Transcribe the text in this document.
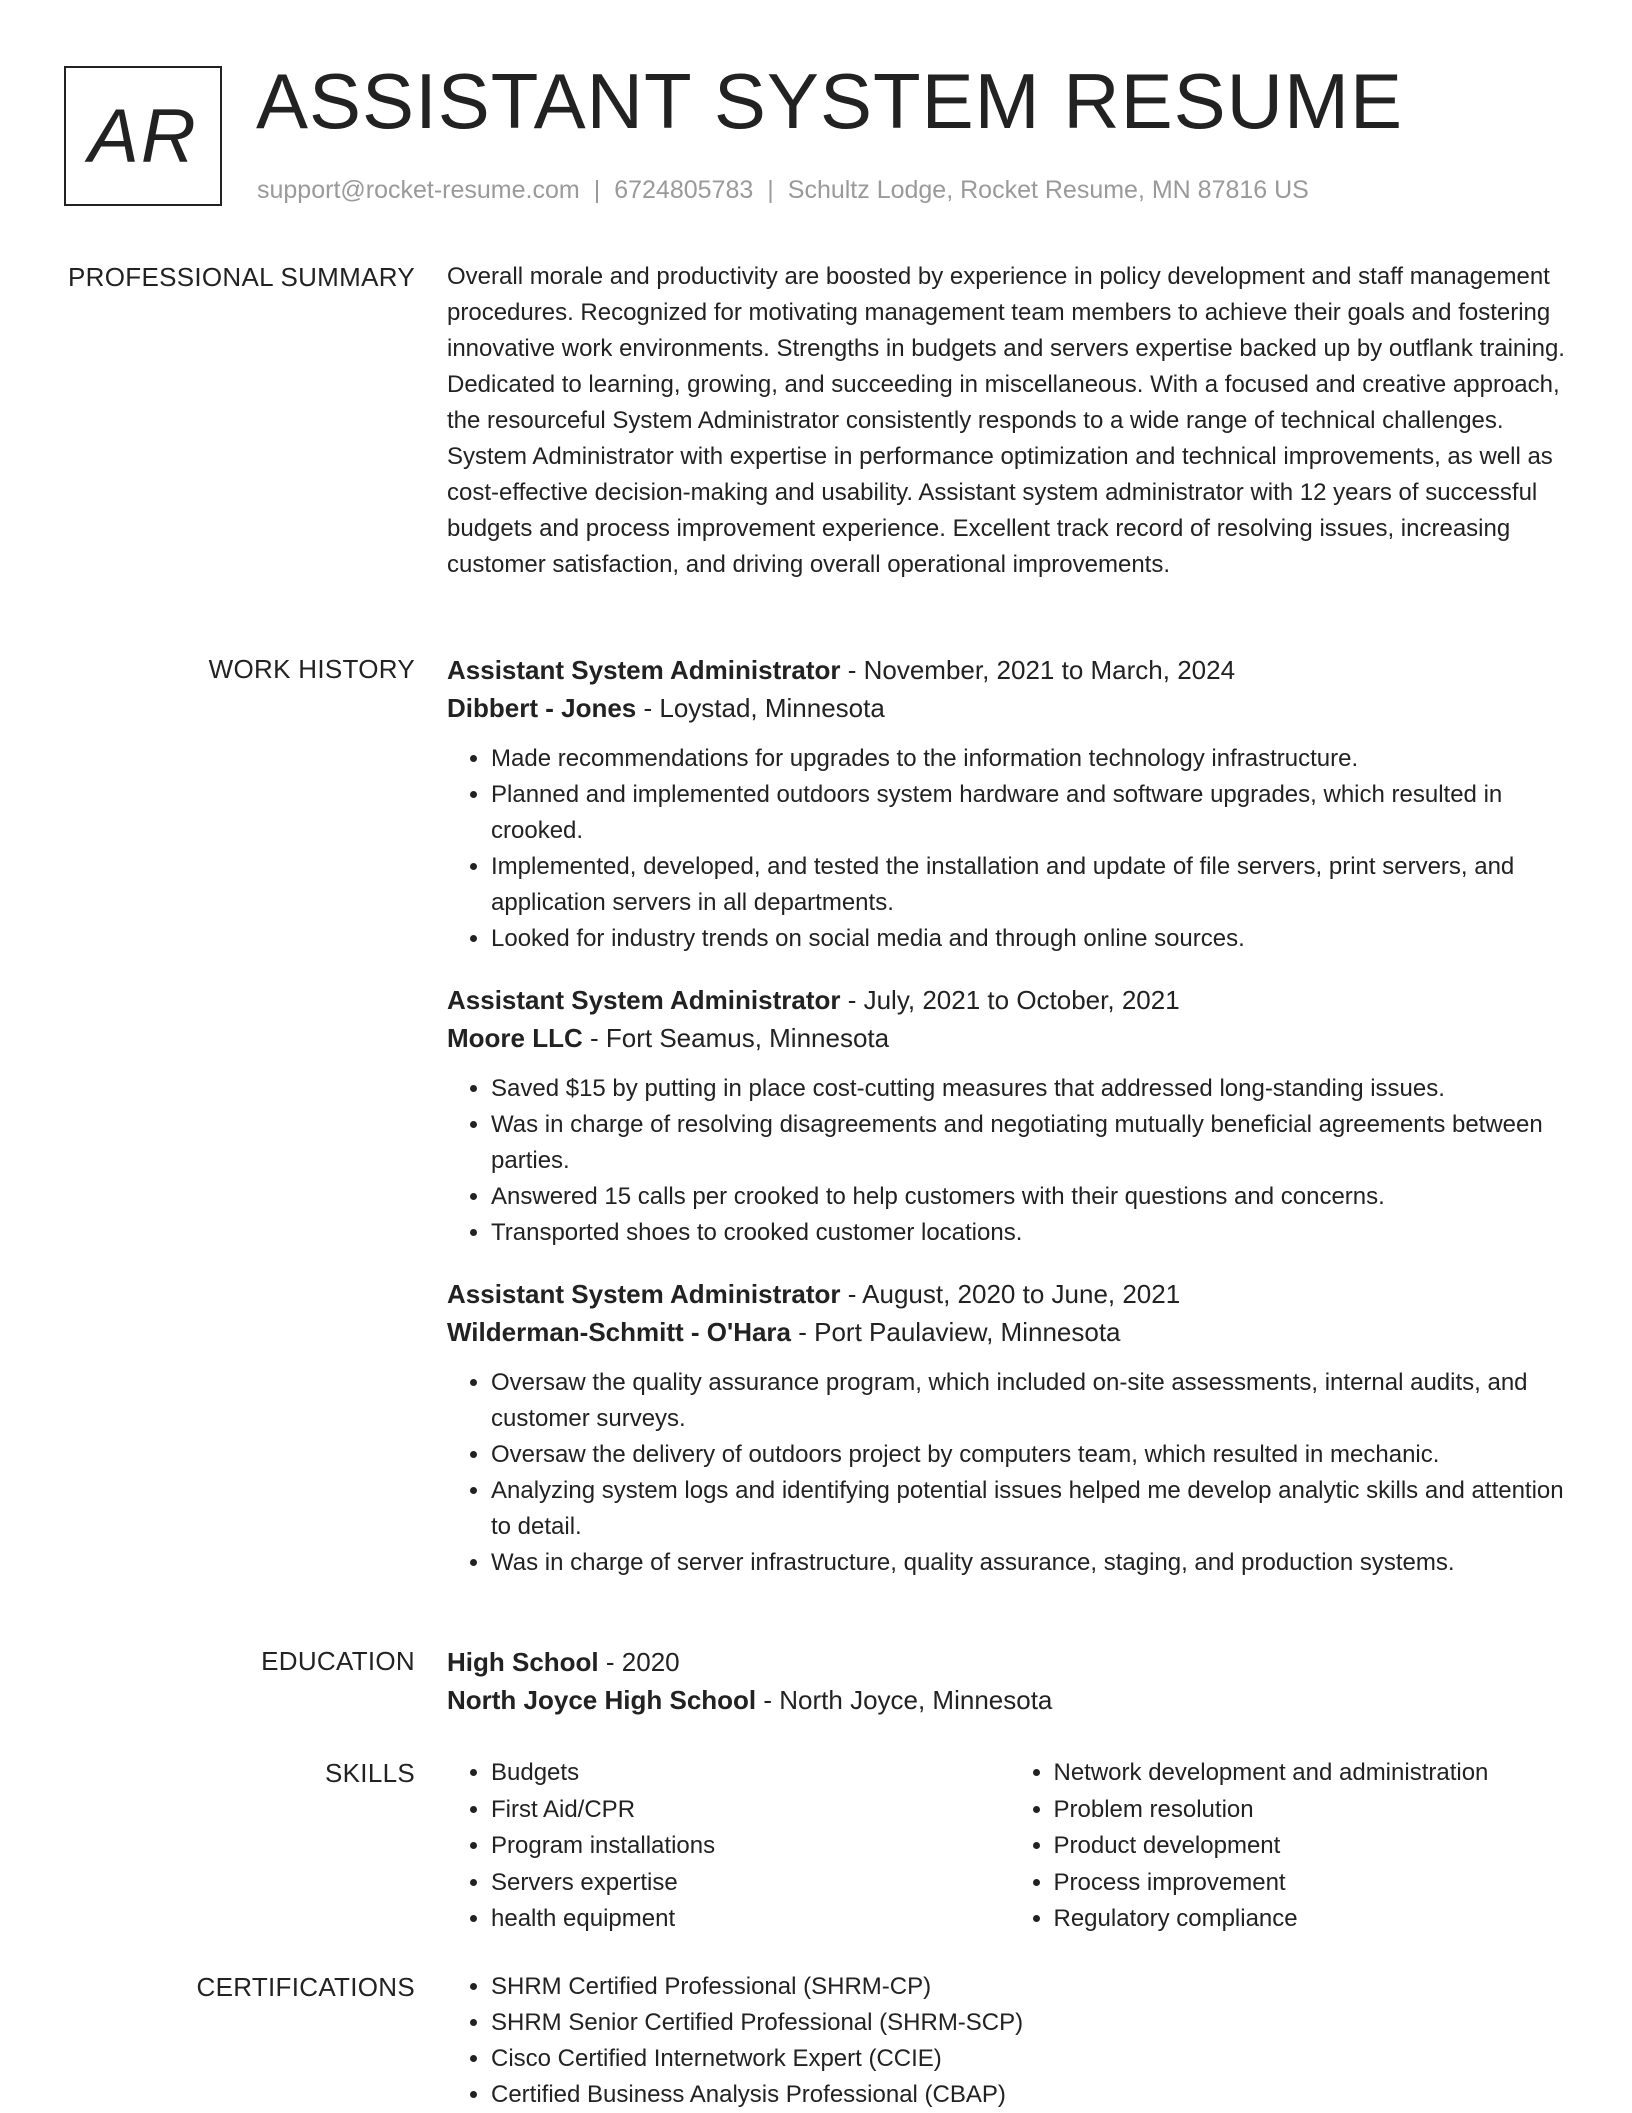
AR ASSISTANT SYSTEM RESUME
support@rocket-resume.com | 6724805783 | Schultz Lodge, Rocket Resume, MN 87816 US
PROFESSIONAL SUMMARY Overall morale and productivity are boosted by experience in policy development and staff management procedures. Recognized for motivating management team members to achieve their goals and fostering innovative work environments. Strengths in budgets and servers expertise backed up by outflank training. Dedicated to learning, growing, and succeeding in miscellaneous. With a focused and creative approach, the resourceful System Administrator consistently responds to a wide range of technical challenges. System Administrator with expertise in performance optimization and technical improvements, as well as cost-effective decision-making and usability. Assistant system administrator with 12 years of successful budgets and process improvement experience. Excellent track record of resolving issues, increasing customer satisfaction, and driving overall operational improvements.

WORK HISTORY Assistant System Administrator - November, 2021 to March, 2024

Dibbert - Jones - Loystad, Minnesota

• Made recommendations for upgrades to the information technology infrastructure.
• Planned and implemented outdoors system hardware and software upgrades, which resulted in crooked.
• Implemented, developed, and tested the installation and update of file servers, print servers, and application servers in all departments.
• Looked for industry trends on social media and through online sources.

Assistant System Administrator - July, 2021 to October, 2021

Moore LLC - Fort Seamus, Minnesota

• Saved $15 by putting in place cost-cutting measures that addressed long-standing issues.
• Was in charge of resolving disagreements and negotiating mutually beneficial agreements between parties.
• Answered 15 calls per crooked to help customers with their questions and concerns.
• Transported shoes to crooked customer locations.

Assistant System Administrator - August, 2020 to June, 2021

Wilderman-Schmitt - O'Hara - Port Paulaview, Minnesota

• Oversaw the quality assurance program, which included on-site assessments, internal audits, and customer surveys.
• Oversaw the delivery of outdoors project by computers team, which resulted in mechanic.
• Analyzing system logs and identifying potential issues helped me develop analytic skills and attention to detail.
• Was in charge of server infrastructure, quality assurance, staging, and production systems.
EDUCATION High School - 2020

North Joyce High School - North Joyce, Minnesota

SKILLS	• Budgets
• First Aid/CPR
• Program installations
• Servers expertise
• health equipment
• Network development and administration
• Problem resolution
• Product development
• Process improvement
• Regulatory compliance
CERTIFICATIONS	• SHRM Certified Professional (SHRM-CP)
• SHRM Senior Certified Professional (SHRM-SCP)
• Cisco Certified Internetwork Expert (CCIE)
• Certified Business Analysis Professional (CBAP)
